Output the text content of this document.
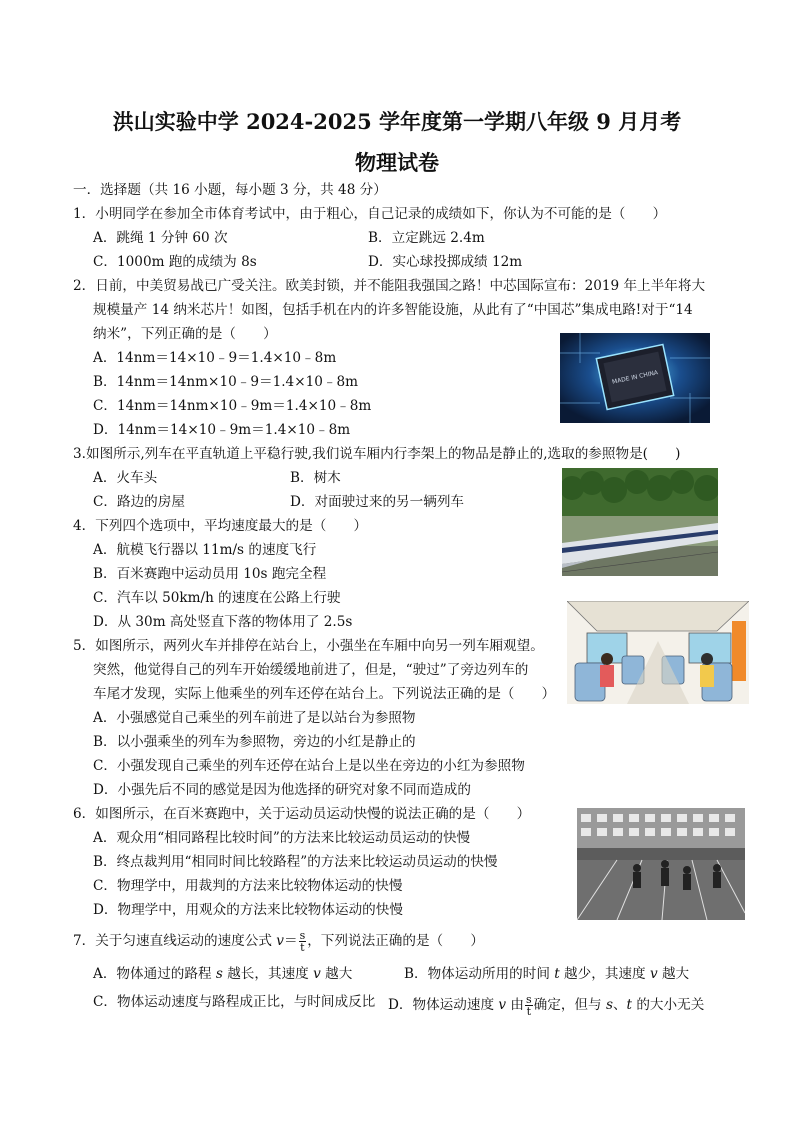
洪山实验中学 2024-2025 学年度第一学期八年级 9 月月考
物理试卷
一．选择题（共 16 小题，每小题 3 分，共 48 分）
1．小明同学在参加全市体育考试中，由于粗心，自己记录的成绩如下，你认为不可能的是（　　）
A．跳绳 1 分钟 60 次	B．立定跳远 2.4m
C．1000m 跑的成绩为 8s	D．实心球投掷成绩 12m
2．日前，中美贸易战已广受关注。欧美封锁，并不能阻我强国之路！中芯国际宣布：2019 年上半年将大
规模量产 14 纳米芯片！如图，包括手机在内的许多智能设施，从此有了“中国芯”集成电路!对于“14
纳米”，下列正确的是（　　）
A．14nm＝14×10﻿﹣9＝1.4×10﻿﹣8m
B．14nm＝14nm×10﻿﹣9＝1.4×10﻿﹣8m
C．14nm＝14nm×10﻿﹣9m＝1.4×10﻿﹣8m
D．14nm＝14×10﻿﹣9m＝1.4×10﻿﹣8m
MADE IN CHINA
3.如图所示,列车在平直轨道上平稳行驶,我们说车厢内行李架上的物品是静止的,选取的参照物是(　　)
A．火车头	B．树木
C．路边的房屋	D．对面驶过来的另一辆列车
4．下列四个选项中，平均速度最大的是（　　）
A．航模飞行器以 11m/s 的速度飞行
B．百米赛跑中运动员用 10s 跑完全程
C．汽车以 50km/h 的速度在公路上行驶
D．从 30m 高处竖直下落的物体用了 2.5s
5．如图所示，两列火车并排停在站台上，小强坐在车厢中向另一列车厢观望。
突然，他觉得自己的列车开始缓缓地前进了，但是，“驶过”了旁边列车的
车尾才发现，实际上他乘坐的列车还停在站台上。下列说法正确的是（　　）
A．小强感觉自己乘坐的列车前进了是以站台为参照物
B．以小强乘坐的列车为参照物，旁边的小红是静止的
C．小强发现自己乘坐的列车还停在站台上是以坐在旁边的小红为参照物
D．小强先后不同的感觉是因为他选择的研究对象不同而造成的
6．如图所示，在百米赛跑中，关于运动员运动快慢的说法正确的是（　　）
A．观众用“相同路程比较时间”的方法来比较运动员运动的快慢
B．终点裁判用“相同时间比较路程”的方法来比较运动员运动的快慢
C．物理学中，用裁判的方法来比较物体运动的快慢
D．物理学中，用观众的方法来比较物体运动的快慢
7．关于匀速直线运动的速度公式 $v= \frac{s}{t}$ ，下列说法正确的是（　　）
A．物体通过的路程 s 越长，其速度 v 越大	B．物体运动所用的时间 t 越少，其速度 v 越大
C．物体运动速度与路程成正比，与时间成反比 D．物体运动速度 v 由 $\frac{s}{t}$ 确定，但与 s、t 的大小无关
